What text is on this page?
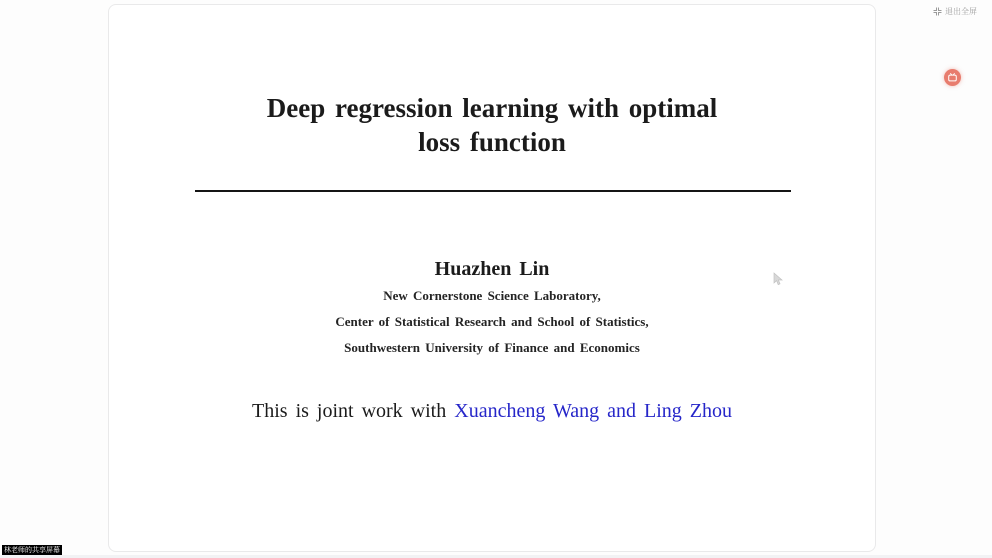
Deep regression learning with optimal
loss function
Huazhen Lin
New Cornerstone Science Laboratory,
Center of Statistical Research and School of Statistics,
Southwestern University of Finance and Economics
This is joint work with Xuancheng Wang and Ling Zhou
退出全屏
林老师的共享屏幕
